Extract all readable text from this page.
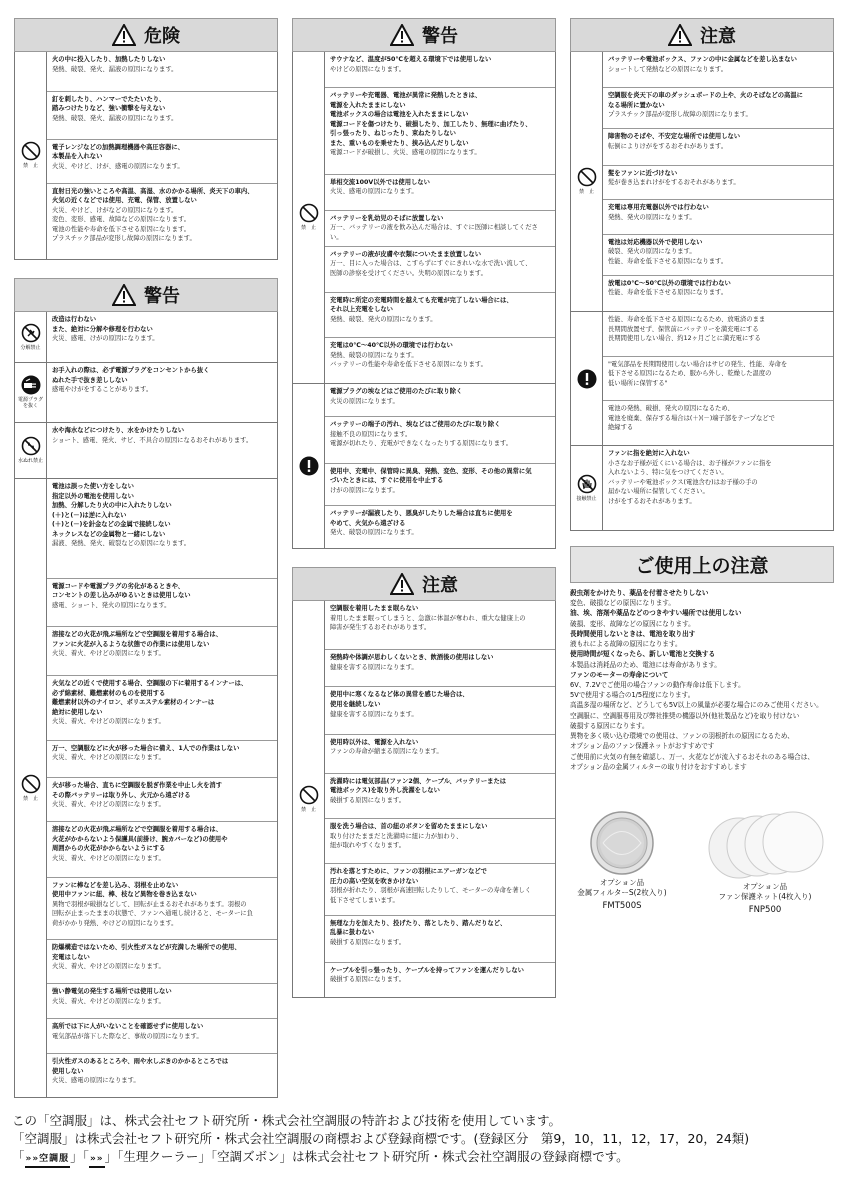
危険
禁　止
火の中に投入したり、加熱したりしない
発熱、破裂、発火、漏液の原因になります。
釘を刺したり、ハンマーでたたいたり、
踏みつけたりなど、強い衝撃を与えない
発熱、破裂、発火、漏液の原因になります。
電子レンジなどの加熱調理機器や高圧容器に、
本製品を入れない
火災、やけど、けが、感電の原因になります。
直射日光の強いところや高温、高湿、水のかかる場所、炎天下の車内、
火気の近くなどでは使用、充電、保管、放置しない
火災、やけど、けがなどの原因になります。
変色、変形、感電、故障などの原因になります。
電池の性能や寿命を低下させる原因になります。
プラスチック部品が変形し故障の原因になります。
警告
分解禁止
改造は行わない
また、絶対に分解や修理を行わない
火災、感電、けがの原因になります。
電源プラグ を抜く
お手入れの際は、必ず電源プラグをコンセントから抜く
ぬれた手で抜き差ししない
感電やけがをすることがあります。
水ぬれ禁止
水や海水などにつけたり、水をかけたりしない
ショート、感電、発火、サビ、不具合の原因になるおそれがあります。
禁　止
電池は誤った使い方をしない
指定以外の電池を使用しない
加熱、分解したり火の中に入れたりしない
(＋)と(－)は逆に入れない
(＋)と(－)を針金などの金属で接続しない
ネックレスなどの金属物と一緒にしない
漏液、発熱、発火、破裂などの原因になります。
電源コードや電源プラグの劣化があるときや、
コンセントの差し込みがゆるいときは使用しない
感電、ショート、発火の原因になります。
溶接などの火花が飛ぶ場所などで空調服を着用する場合は、
ファンに火花が入るような状態での作業には使用しない
火災、着火、やけどの原因になります。
火気などの近くで使用する場合、空調服の下に着用するインナーは、
必ず綿素材、難燃素材のものを使用する
難燃素材以外のナイロン、ポリエステル素材のインナーは
絶対に使用しない
火災、着火、やけどの原因になります。
万一、空調服などに火が移った場合に備え、1人での作業はしない
火災、着火、やけどの原因になります。
火が移った場合、直ちに空調服を脱ぎ作業を中止し火を消す
その際バッテリーは取り外し、火元から遠ざける
火災、着火、やけどの原因になります。
溶接などの火花が飛ぶ場所などで空調服を着用する場合は、
火花がかからないよう保護具(前掛け、腕カバーなど)の使用や
周囲からの火花がかからないようにする
火災、着火、やけどの原因になります。
ファンに棒などを差し込み、羽根を止めない
使用中ファンに紐、棒、枝など異物を巻き込まない
異物で羽根が破損などして、回転が止まるおそれがあります。羽根の
回転が止まったままの状態で、ファンへ通電し続けると、モーターに負
荷がかかり発熱、やけどの原因になります。
防爆構造ではないため、引火性ガスなどが充満した場所での使用、
充電はしない
火災、着火、やけどの原因になります。
強い静電気の発生する場所では使用しない
火災、着火、やけどの原因になります。
高所では下に人がいないことを確認せずに使用しない
電気部品が落下した際など、事故の原因になります。
引火性ガスのあるところや、雨や水しぶきのかかるところでは
使用しない
火災、感電の原因になります。
警告
禁　止
サウナなど、温度が50℃を超える環境下では使用しない
やけどの原因になります。
バッテリーや充電器、電池が異常に発熱したときは、
電源を入れたままにしない
電池ボックスの場合は電池を入れたままにしない
電源コードを傷つけたり、破損したり、加工したり、無理に曲げたり、
引っ張ったり、ねじったり、束ねたりしない
また、重いものを乗せたり、挟み込んだりしない
電源コードが破損し、火災、感電の原因になります。
単相交流100V以外では使用しない
火災、感電の原因になります。
バッテリーを乳幼児のそばに放置しない
万一、バッテリーの液を飲み込んだ場合は、すぐに医師に相談してください。
バッテリーの液が皮膚や衣類についたまま放置しない
万一、目に入った場合は、こすらずにすぐにきれいな水で洗い流して、
医師の診察を受けてください。失明の原因になります。
充電時に所定の充電時間を越えても充電が完了しない場合には、
それ以上充電をしない
発熱、破裂、発火の原因になります。
充電は0℃〜40℃以外の環境では行わない
発熱、破裂の原因になります。
バッテリーの性能や寿命を低下させる原因になります。
電源プラグの埃などはご使用のたびに取り除く
火災の原因になります。
バッテリーの端子の汚れ、埃などはご使用のたびに取り除く
接触不良の原因になります。
電源が切れたり、充電ができなくなったりする原因になります。
使用中、充電中、保管時に異臭、発熱、変色、変形、その他の異常に気
づいたときには、すぐに使用を中止する
けがの原因になります。
バッテリーが漏液したり、悪臭がしたりした場合は直ちに使用を
やめて、火気から遠ざける
発火、破裂の原因になります。
注意
禁　止
空調服を着用したまま眠らない
着用したまま眠ってしまうと、急激に体温が奪われ、重大な健康上の
障害が発生するおそれがあります。
発熱時や体調が思わしくないとき、飲酒後の使用はしない
健康を害する原因になります。
使用中に寒くなるなど体の異常を感じた場合は、
使用を継続しない
健康を害する原因になります。
使用時以外は、電源を入れない
ファンの寿命が縮まる原因になります。
洗濯時には電気部品(ファン2個、ケーブル、バッテリーまたは
電池ボックス)を取り外し洗濯をしない
破損する原因になります。
服を洗う場合は、首の紐のボタンを留めたままにしない
取り付けたままだと洗濯時に紐に力が加わり、
紐が取れやすくなります。
汚れを落とすために、ファンの羽根にエアーガンなどで
圧力の高い空気を吹きかけない
羽根が折れたり、羽根が高速回転したりして、モーターの寿命を著しく
低下させてしまいます。
無理な力を加えたり、投げたり、落としたり、踏んだりなど、
乱暴に扱わない
破損する原因になります。
ケーブルを引っ張ったり、ケーブルを持ってファンを運んだりしない
破損する原因になります。
注意
禁　止
バッテリーや電池ボックス、ファンの中に金属などを差し込まない
ショートして発熱などの原因になります。
空調服を炎天下の車のダッシュボードの上や、火のそばなどの高温に
なる場所に置かない
プラスチック部品が変形し故障の原因になります。
障害物のそばや、不安定な場所では使用しない
転倒によりけがをするおそれがあります。
髪をファンに近づけない
髪が巻き込まれけがをするおそれがあります。
充電は専用充電器以外では行わない
発熱、発火の原因になります。
電池は対応機器以外で使用しない
破裂、発火の原因になります。
性能、寿命を低下させる原因になります。
放電は0℃〜50℃以外の環境では行わない
性能、寿命を低下させる原因になります。
性能、寿命を低下させる原因になるため、放電済のまま
長期間放置せず、保管前にバッテリーを満充電にする
長期間使用しない場合、約12ヶ月ごとに満充電にする
"電気部品を長期間使用しない場合はサビの発生、性能、寿命を
低下させる原因になるため、服から外し、乾燥した温度の
低い場所に保管する"
電池の発熱、破損、発火の原因になるため、
電池を廃棄、保存する場合は(＋)(－)端子部をテープなどで
絶縁する
接触禁止
ファンに指を絶対に入れない
小さなお子様が近くにいる場合は、お子様がファンに指を
入れないよう、特に気をつけてください。
バッテリーや電池ボックス(電池含む)はお子様の手の
届かない場所に保管してください。
けがをするおそれがあります。
ご使用上の注意
殺虫剤をかけたり、薬品を付着させたりしない
変色、破損などの原因になります。
油、埃、溶剤や薬品などのつきやすい場所では使用しない
破損、変形、故障などの原因になります。
長時間使用しないときは、電池を取り出す
液もれによる故障の原因になります。
使用時間が短くなったら、新しい電池と交換する
本製品は消耗品のため、電池には寿命があります。
ファンのモーターの寿命について
6V、7.2Vでご使用の場合ファンの動作寿命は低下します。
5Vで使用する場合の1/5程度になります。
高温多湿の場所など、どうしても5V以上の風量が必要な場合にのみご使用ください。
空調服に、空調服専用及び弊社推奨の機器以外(他社製品など)を取り付けない
破損する原因になります。
異物を多く吸い込む環境での使用は、ファンの羽根折れの原因になるため、
オプション品のファン保護ネットがおすすめです
ご使用前に火気の有無を確認し、万一、火花などが流入するおそれのある場合は、
オプション品の金属フィルターの取り付けをおすすめします
オプション品
金属フィルターS(2枚入り)
FMT500S
オプション品
ファン保護ネット(4枚入り)
FNP500
この「空調服」は、株式会社セフト研究所・株式会社空調服の特許および技術を使用しています。
「空調服」は株式会社セフト研究所・株式会社空調服の商標および登録商標です。(登録区分　第9，10，11，12，17，20，24類)
「»»空調服」「»»」「生理クーラー」「空調ズボン」は株式会社セフト研究所・株式会社空調服の登録商標です。
